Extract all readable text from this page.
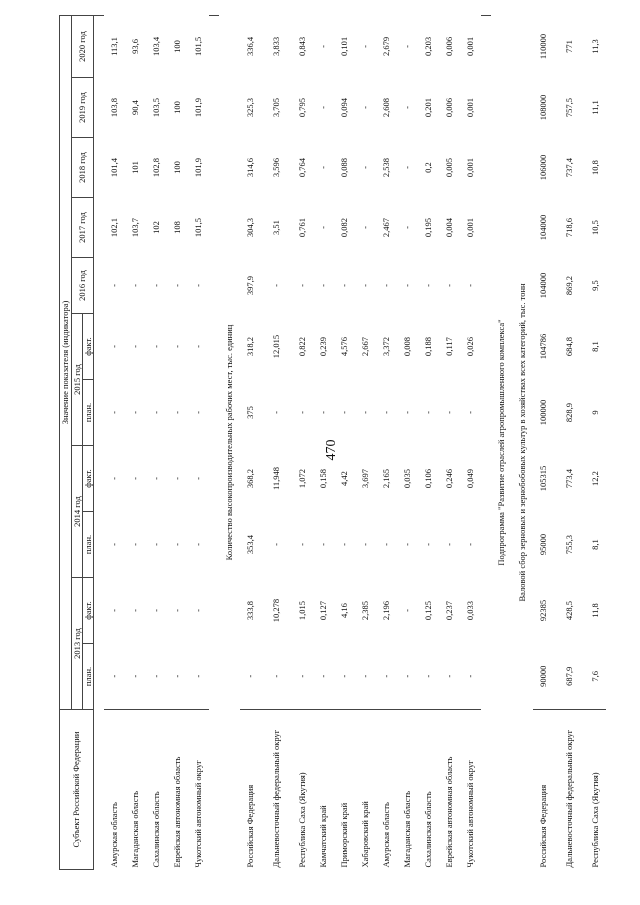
470
Субъект Российской Федерации	Значение показателя (индикатора)										
	2013 год		2014 год		2015 год		2016 год	2017 год	2018 год	2019 год	2020 год
	план.	факт.	план.	факт.	план.	факт.					

Амурская область	-	-	-	-	-	-	-	102,1	101,4	103,8	113,1
Магаданская область	-	-	-	-	-	-	-	103,7	101	90,4	93,6
Сахалинская область	-	-	-	-	-	-	-	102	102,8	103,5	103,4
Еврейская автономная область	-	-	-	-	-	-	-	108	100	100	100
Чукотский автономный округ	-	-	-	-	-	-	-	101,5	101,9	101,9	101,5

Количество высокопроизводительных рабочих мест, тыс. единиц											
Российская Федерация	-	333,8	353,4	368,2	375	318,2	397,9	304,3	314,6	325,3	336,4
Дальневосточный федеральный округ	-	10,278	-	11,948	-	12,015	-	3,51	3,596	3,705	3,833
Республика Саха (Якутия)	-	1,015	-	1,072	-	0,822	-	0,761	0,764	0,795	0,843
Камчатский край	-	0,127	-	0,158	-	0,239	-	-	-	-	-
Приморский край	-	4,16	-	4,42	-	4,576	-	0,082	0,088	0,094	0,101
Хабаровский край	-	2,385	-	3,697	-	2,667	-	-	-	-	-
Амурская область	-	2,196	-	2,165	-	3,372	-	2,467	2,538	2,608	2,679
Магаданская область	-	-	-	0,035	-	0,008	-	-	-	-	-
Сахалинская область	-	0,125	-	0,106	-	0,188	-	0,195	0,2	0,201	0,203
Еврейская автономная область	-	0,237	-	0,246	-	0,117	-	0,004	0,005	0,006	0,006
Чукотский автономный округ	-	0,033	-	0,049	-	0,026	-	0,001	0,001	0,001	0,001

Подпрограмма "Развитие отраслей агропромышленного комплекса"											
Валовой сбор зерновых и зернобобовых культур в хозяйствах всех категорий, тыс. тонн											
Российская Федерация	90000	92385	95000	105315	100000	104786	104000	104000	106000	108000	110000
Дальневосточный федеральный округ	687,9	428,5	755,3	773,4	828,9	684,8	869,2	718,6	737,4	757,5	771
Республика Саха (Якутия)	7,6	11,8	8,1	12,2	9	8,1	9,5	10,5	10,8	11,1	11,3
